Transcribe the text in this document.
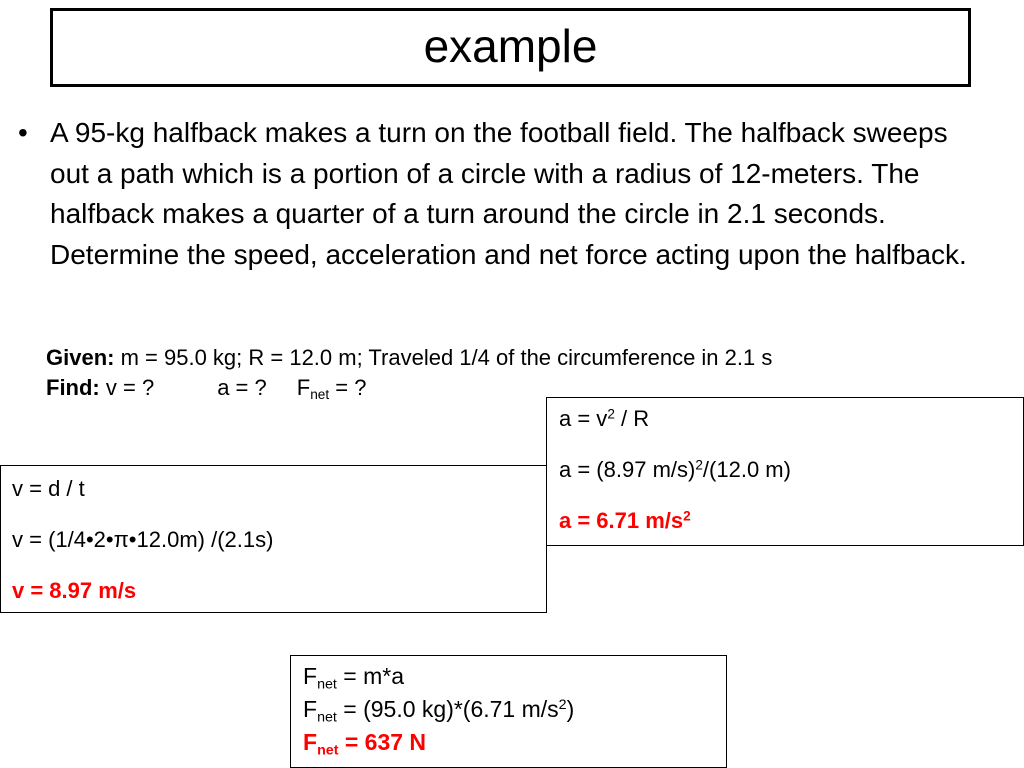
example
• A 95-kg halfback makes a turn on the football field. The halfback sweeps out a path which is a portion of a circle with a radius of 12-meters. The halfback makes a quarter of a turn around the circle in 2.1 seconds. Determine the speed, acceleration and net force acting upon the halfback.
Given: m = 95.0 kg; R = 12.0 m; Traveled 1/4 of the circumference in 2.1 s
Find: v = ?	a = ? $F_{net}$ = ?
$a = v^2 / R$
a = (8.97 m/s)$^2$/(12.0 m)
a = 6.71 $m/s^2$
v = d / t
v = (1/4•2•π•12.0m) /(2.1s)
v = 8.97 m/s
$F_{net} = m*a$
$F_{net} = (95.0$ kg)*(6.71 $m/s^2$)
$F_{net} = 637$ N
